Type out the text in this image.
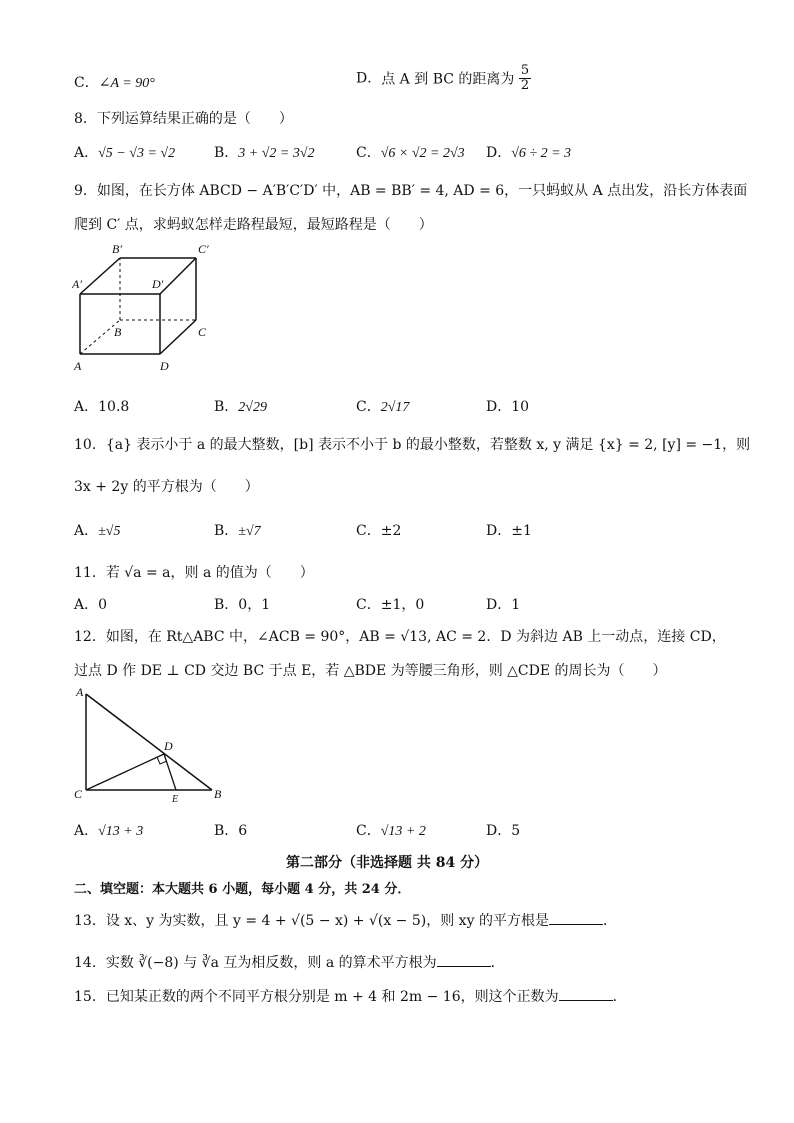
C．∠A = 90°	D．点 A 到 BC 的距离为 $\frac{5}{2}$
8．下列运算结果正确的是（　　）
A．√5 − √3 = √2	B．3 + √2 = 3√2	C．√6 × √2 = 2√3 D．√6 ÷ 2 = 3
9．如图，在长方体 ABCD − A′B′C′D′ 中，AB = BB′ = 4, AD = 6，一只蚂蚁从 A 点出发，沿长方体表面
爬到 C′ 点，求蚂蚁怎样走路程最短，最短路程是（　　）
B′	C′
A′	D′
B	C
A	D
A．10.8	B．2√29	C．2√17	D．10
10．{a} 表示小于 a 的最大整数，[b] 表示不小于 b 的最小整数，若整数 x, y 满足 {x} = 2, [y] = −1，则
3x + 2y 的平方根为（　　）
A．±√5	B．±√7	C．±2	D．±1
11．若 √a = a，则 a 的值为（　　）
A．0	B．0，1	C．±1，0	D．1
12．如图，在 Rt△ABC 中，∠ACB = 90°，AB = √13, AC = 2．D 为斜边 AB 上一动点，连接 CD，
过点 D 作 DE ⊥ CD 交边 BC 于点 E，若 △BDE 为等腰三角形，则 △CDE 的周长为（　　）
A
D
C	E	B
A．√13 + 3	B．6	C．√13 + 2	D．5
第二部分（非选择题 共 84 分）
二、填空题：本大题共 6 小题，每小题 4 分，共 24 分．
13．设 x、y 为实数，且 y = 4 + √(5 − x) + √(x − 5)，则 xy 的平方根是	．
14．实数 ∛(−8) 与 ∛a 互为相反数，则 a 的算术平方根为	．
15．已知某正数的两个不同平方根分别是 m + 4 和 2m − 16，则这个正数为	．
